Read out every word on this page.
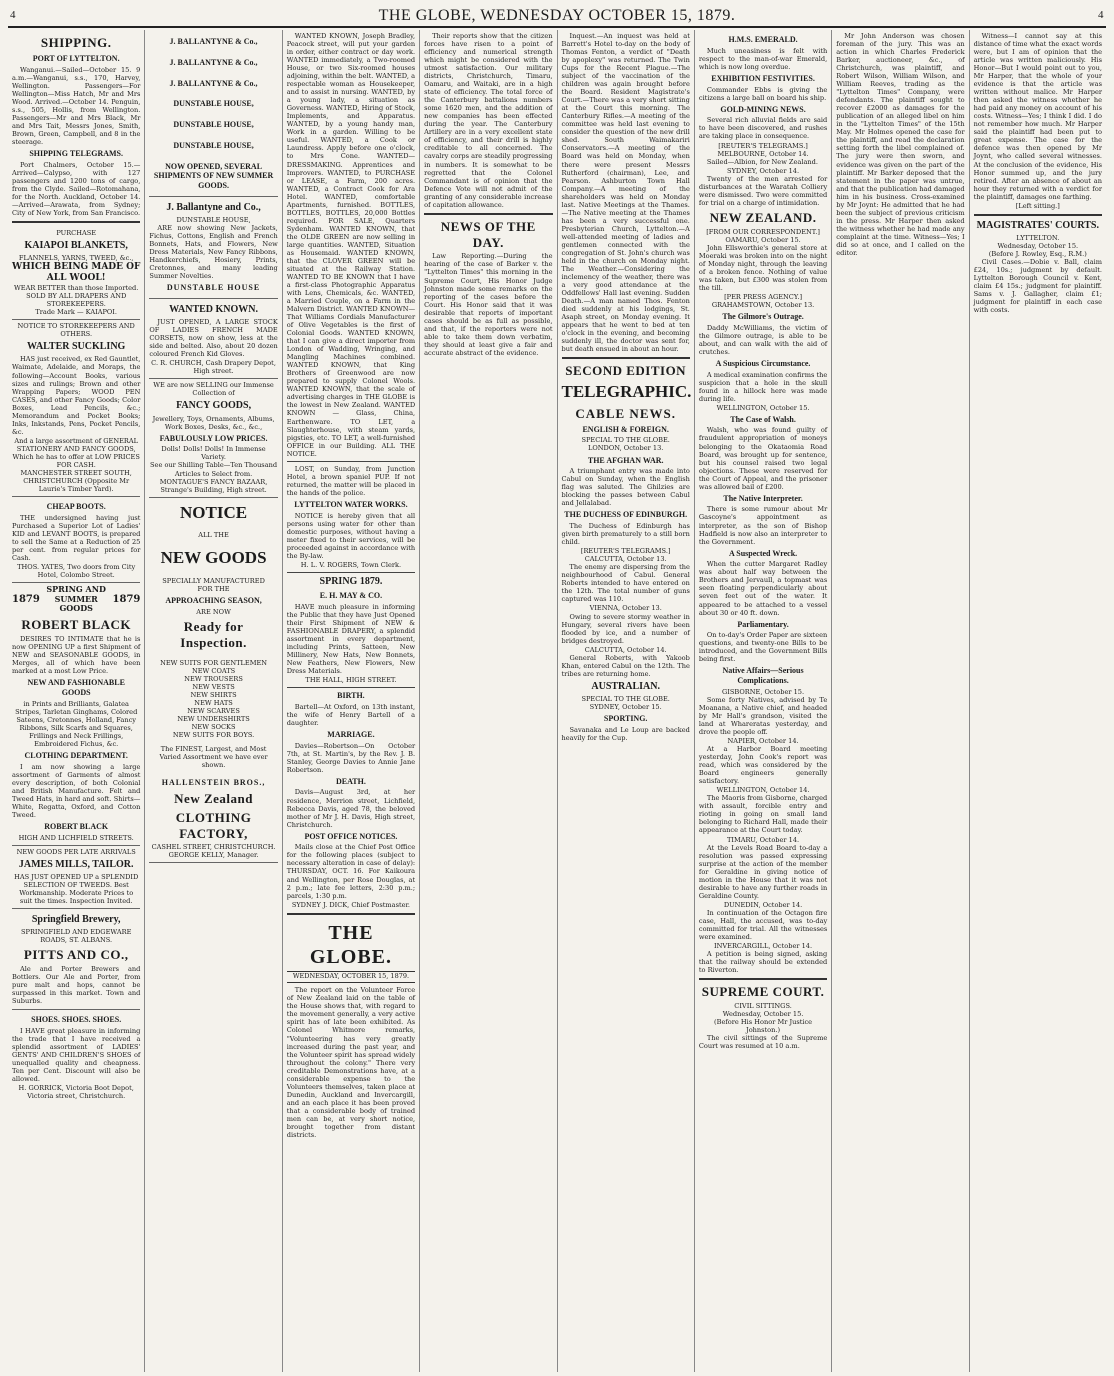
4	THE GLOBE, WEDNESDAY OCTOBER 15, 1879.	4
SHIPPING.
PORT OF LYTTELTON.

Wanganui.—Sailed—October 15. 9 a.m.—Wanganui, s.s., 170, Harvey, Wellington. Passengers—For Wellington—Miss Hatch, Mr and Mrs Wood. Arrived.—October 14. Penguin, s.s., 505, Hollis, from Wellington. Passengers—Mr and Mrs Black, Mr and Mrs Tait, Messrs Jones, Smith, Brown, Green, Campbell, and 8 in the steerage.

SHIPPING TELEGRAMS.

Port Chalmers, October 15.—Arrived—Calypso, with 127 passengers and 1200 tons of cargo, from the Clyde. Sailed—Rotomahana, for the North. Auckland, October 14.—Arrived—Arawata, from Sydney; City of New York, from San Francisco.

PURCHASE
KAIAPOI BLANKETS,
FLANNELS, YARNS, TWEED, &c.,
WHICH BEING MADE OF ALL WOOL!
WEAR BETTER than those Imported. SOLD BY ALL DRAPERS AND STOREKEEPERS.
Trade Mark — KAIAPOI.
NOTICE TO STOREKEEPERS AND OTHERS.
WALTER SUCKLING

HAS just received, ex Red Gauntlet, Waimate, Adelaide, and Moraps, the following—Account Books, various sizes and rulings; Brown and other Wrapping Papers; WOOD PEN CASES, and other Fancy Goods; Color Boxes, Lead Pencils, &c.; Memorandum and Pocket Books; Inks, Inkstands, Pens, Pocket Pencils, &c.

And a large assortment of GENERAL STATIONERY AND FANCY GOODS, Which he has to offer at LOW PRICES FOR CASH.
MANCHESTER STREET SOUTH, CHRISTCHURCH (Opposite Mr Laurie's Timber Yard).
CHEAP BOOTS.

THE undersigned having just Purchased a Superior Lot of Ladies' KID and LEVANT BOOTS, is prepared to sell the Same at a Reduction of 25 per cent. from regular prices for Cash.

THOS. YATES, Two doors from City Hotel, Colombo Street.
1879
SPRING AND SUMMER GOODS
1879
ROBERT BLACK

DESIRES TO INTIMATE that he is now OPENING UP a first Shipment of NEW and SEASONABLE GOODS, in Merges, all of which have been marked at a most Low Price.

NEW AND FASHIONABLE GOODS
in Prints and Brilliants, Galatea Stripes, Tarletan Ginghams, Colored Sateens, Cretonnes, Holland, Fancy Ribbons, Silk Scarfs and Squares, Frillings and Neck Frillings, Embroidered Fichus, &c.
CLOTHING DEPARTMENT.

I am now showing a large assortment of Garments of almost every description, of both Colonial and British Manufacture. Felt and Tweed Hats, in hard and soft. Shirts—White, Regatta, Oxford, and Cotton Tweed.

ROBERT BLACK
HIGH AND LICHFIELD STREETS.
NEW GOODS PER LATE ARRIVALS
JAMES MILLS, TAILOR.
HAS JUST OPENED UP a SPLENDID SELECTION OF TWEEDS. Best Workmanship. Moderate Prices to suit the times. Inspection Invited.
Springfield Brewery,
SPRINGFIELD AND EDGEWARE ROADS, ST. ALBANS.
PITTS AND CO.,

Ale and Porter Brewers and Bottlers. Our Ale and Porter, from pure malt and hops, cannot be surpassed in this market. Town and Suburbs.

SHOES. SHOES. SHOES.

I HAVE great pleasure in informing the trade that I have received a splendid assortment of LADIES' GENTS' AND CHILDREN'S SHOES of unequalled quality and cheapness. Ten per Cent. Discount will also be allowed.

H. GORRICK, Victoria Boot Depot, Victoria street, Christchurch.
J. BALLANTYNE & Co.,
J. BALLANTYNE & Co.,
J. BALLANTYNE & Co.,
DUNSTABLE HOUSE,
DUNSTABLE HOUSE,
DUNSTABLE HOUSE,
NOW OPENED, SEVERAL SHIPMENTS OF NEW SUMMER GOODS.
J. Ballantyne and Co.,
DUNSTABLE HOUSE,

ARE now showing New Jackets, Fichus, Cottons, English and French Bonnets, Hats, and Flowers, New Dress Materials, New Fancy Ribbons, Handkerchiefs, Hosiery, Prints, Cretonnes, and many leading Summer Novelties.

DUNSTABLE HOUSE
WANTED KNOWN.

JUST OPENED, A LARGE STOCK OF LADIES FRENCH MADE CORSETS, now on show, less at the side and belted. Also, about 20 dozen coloured French Kid Gloves.

C. R. CHURCH, Cash Drapery Depot, High street.
WE are now SELLING our Immense Collection of
FANCY GOODS,
Jewellery, Toys, Ornaments, Albums, Work Boxes, Desks, &c., &c.,
FABULOUSLY LOW PRICES.
Dolls! Dolls! Dolls! In Immense Variety.
See our Shilling Table—Ten Thousand Articles to Select from.
MONTAGUE'S FANCY BAZAAR, Strange's Building, High street.
NOTICE
ALL THE
NEW GOODS
SPECIALLY MANUFACTURED
FOR THE
APPROACHING SEASON,
ARE NOW
Ready for Inspection.
NEW SUITS FOR GENTLEMEN
NEW COATS
NEW TROUSERS
NEW VESTS
NEW SHIRTS
NEW HATS
NEW SCARVES
NEW UNDERSHIRTS
NEW SOCKS
NEW SUITS FOR BOYS.
The FINEST, Largest, and Most Varied Assortment we have ever shown.
HALLENSTEIN BROS.,
New Zealand
CLOTHING FACTORY,
CASHEL STREET, CHRISTCHURCH.
GEORGE KELLY, Manager.

WANTED KNOWN, Joseph Bradley, Peacock street, will put your garden in order, either contract or day work. WANTED immediately, a Two-roomed House, or two Six-roomed houses adjoining, within the belt. WANTED, a respectable woman as Housekeeper, and to assist in nursing. WANTED, by a young lady, a situation as Governess. WANTED, Hiring of Stock, Implements, and Apparatus. WANTED, by a young handy man, Work in a garden. Willing to be useful. WANTED, a Cook or Laundress. Apply before one o'clock, to Mrs Cone. WANTED—DRESSMAKING. Apprentices and Improvers. WANTED, to PURCHASE or LEASE, a Farm, 200 acres. WANTED, a Contract Cook for Ara Hotel. WANTED, comfortable Apartments, furnished. BOTTLES, BOTTLES, BOTTLES, 20,000 Bottles required. FOR SALE, Quarters Sydenham. WANTED KNOWN, that the OLDE GREEN are now selling in large quantities. WANTED, Situation as Housemaid. WANTED KNOWN, that the CLOVER GREEN will be situated at the Railway Station. WANTED TO BE KNOWN that I have a first-class Photographic Apparatus with Lens, Chemicals, &c. WANTED, a Married Couple, on a Farm in the Malvern District. WANTED KNOWN—That Williams Cordials Manufacturer of Olive Vegetables is the first of Colonial Goods. WANTED KNOWN, that I can give a direct importer from London of Wadding, Wringing, and Mangling Machines combined. WANTED KNOWN, that King Brothers of Greenwood are now prepared to supply Colonel Wools. WANTED KNOWN, that the scale of advertising charges in THE GLOBE is the lowest in New Zealand. WANTED KNOWN — Glass, China, Earthenware. TO LET, a Slaughterhouse, with steam yards, pigsties, etc. TO LET, a well-furnished OFFICE in our Building. ALL THE NOTICE.

LOST, on Sunday, from Junction Hotel, a brown spaniel PUP. If not returned, the matter will be placed in the hands of the police.

LYTTELTON WATER WORKS.

NOTICE is hereby given that all persons using water for other than domestic purposes, without having a meter fixed to their services, will be proceeded against in accordance with the By-law.

H. L. V. ROGERS, Town Clerk.
SPRING 1879.
E. H. MAY & CO.

HAVE much pleasure in informing the Public that they have Just Opened their First Shipment of NEW & FASHIONABLE DRAPERY, a splendid assortment in every department, including Prints, Satteen, New Millinery, New Hats, New Bonnets, New Feathers, New Flowers, New Dress Materials.

THE HALL, HIGH STREET.
BIRTH.

Bartell—At Oxford, on 13th instant, the wife of Henry Bartell of a daughter.

MARRIAGE.

Davies—Robertson—On October 7th, at St. Martin's, by the Rev. J. B. Stanley, George Davies to Annie Jane Robertson.

DEATH.

Davis—August 3rd, at her residence, Merrion street, Lichfield, Rebecca Davis, aged 78, the beloved mother of Mr J. H. Davis, High street, Christchurch.

POST OFFICE NOTICES.

Mails close at the Chief Post Office for the following places (subject to necessary alteration in case of delay): THURSDAY, OCT. 16. For Kaikoura and Wellington, per Rose Douglas, at 2 p.m.; late fee letters, 2:30 p.m.; parcels, 1:30 p.m.

SYDNEY J. DICK, Chief Postmaster.
THE GLOBE.
WEDNESDAY, OCTOBER 15, 1879.

The report on the Volunteer Force of New Zealand laid on the table of the House shows that, with regard to the movement generally, a very active spirit has of late been exhibited. As Colonel Whitmore remarks, "Volunteering has very greatly increased during the past year, and the Volunteer spirit has spread widely throughout the colony." There very creditable Demonstrations have, at a considerable expense to the Volunteers themselves, taken place at Dunedin, Auckland and Invercargill, and an each place it has been proved that a considerable body of trained men can be, at very short notice, brought together from distant districts.

Their reports show that the citizen forces have risen to a point of efficiency and numerical strength which might be considered with the utmost satisfaction. Our military districts, Christchurch, Timaru, Oamaru, and Waitaki, are in a high state of efficiency. The total force of the Canterbury battalions numbers some 1620 men, and the addition of new companies has been effected during the year. The Canterbury Artillery are in a very excellent state of efficiency, and their drill is highly creditable to all concerned. The cavalry corps are steadily progressing in numbers. It is somewhat to be regretted that the Colonel Commandant is of opinion that the Defence Vote will not admit of the granting of any considerable increase of capitation allowance.

NEWS OF THE DAY.

Law Reporting.—During the hearing of the case of Barker v. the "Lyttelton Times" this morning in the Supreme Court, His Honor Judge Johnston made some remarks on the reporting of the cases before the Court. His Honor said that it was desirable that reports of important cases should be as full as possible, and that, if the reporters were not able to take them down verbatim, they should at least give a fair and accurate abstract of the evidence.

Inquest.—An inquest was held at Barrett's Hotel to-day on the body of Thomas Fenton, a verdict of "Death by apoplexy" was returned. The Twin Cups for the Recent Plague.—The subject of the vaccination of the children was again brought before the Board. Resident Magistrate's Court.—There was a very short sitting at the Court this morning. The Canterbury Rifles.—A meeting of the committee was held last evening to consider the question of the new drill shed. South Waimakariri Conservators.—A meeting of the Board was held on Monday, when there were present Messrs Rutherford (chairman), Lee, and Pearson. Ashburton Town Hall Company.—A meeting of the shareholders was held on Monday last. Native Meetings at the Thames.—The Native meeting at the Thames has been a very successful one. Presbyterian Church, Lyttelton.—A well-attended meeting of ladies and gentlemen connected with the congregation of St. John's church was held in the church on Monday night. The Weather.—Considering the inclemency of the weather, there was a very good attendance at the Oddfellows' Hall last evening. Sudden Death.—A man named Thos. Fenton died suddenly at his lodgings, St. Asaph street, on Monday evening. It appears that he went to bed at ten o'clock in the evening, and becoming suddenly ill, the doctor was sent for, but death ensued in about an hour.

SECOND EDITION
TELEGRAPHIC.
CABLE NEWS.
ENGLISH & FOREIGN.
SPECIAL TO THE GLOBE.
LONDON, October 13.
THE AFGHAN WAR.

A triumphant entry was made into Cabul on Sunday, when the English flag was saluted. The Ghilzies are blocking the passes between Cabul and Jellalabad.

THE DUCHESS OF EDINBURGH.

The Duchess of Edinburgh has given birth prematurely to a still born child.

[REUTER'S TELEGRAMS.]
CALCUTTA, October 13.

The enemy are dispersing from the neighbourhood of Cabul. General Roberts intended to have entered on the 12th. The total number of guns captured was 110.

VIENNA, October 13.

Owing to severe stormy weather in Hungary, several rivers have been flooded by ice, and a number of bridges destroyed.

CALCUTTA, October 14.

General Roberts, with Yakoob Khan, entered Cabul on the 12th. The tribes are returning home.

AUSTRALIAN.
SPECIAL TO THE GLOBE.
SYDNEY, October 15.
SPORTING.

Savanaka and Le Loup are backed heavily for the Cup.

H.M.S. EMERALD.

Much uneasiness is felt with respect to the man-of-war Emerald, which is now long overdue.

EXHIBITION FESTIVITIES.

Commander Ebbs is giving the citizens a large ball on board his ship.

GOLD-MINING NEWS.

Several rich alluvial fields are said to have been discovered, and rushes are taking place in consequence.

[REUTER'S TELEGRAMS.]
MELBOURNE, October 14.

Sailed—Albion, for New Zealand.

SYDNEY, October 14.

Twenty of the men arrested for disturbances at the Waratah Colliery were dismissed. Two were committed for trial on a charge of intimidation.

NEW ZEALAND.
[FROM OUR CORRESPONDENT.]
OAMARU, October 15.

John Ellsworthie's general store at Moeraki was broken into on the night of Monday night, through the leaving of a broken fence. Nothing of value was taken, but £300 was stolen from the till.

[PER PRESS AGENCY.]
GRAHAMSTOWN, October 13.
The Gilmore's Outrage.

Daddy McWilliams, the victim of the Gilmore outrage, is able to be about, and can walk with the aid of crutches.

A Suspicious Circumstance.

A medical examination confirms the suspicion that a hole in the skull found in a hillock here was made during life.

WELLINGTON, October 15.
The Case of Walsh.

Walsh, who was found guilty of fraudulent appropriation of moneys belonging to the Okataomia Road Board, was brought up for sentence, but his counsel raised two legal objections. These were reserved for the Court of Appeal, and the prisoner was allowed bail of £200.

The Native Interpreter.

There is some rumour about Mr Gascoyne's appointment as interpreter, as the son of Bishop Hadfield is now also an interpreter to the Government.

A Suspected Wreck.

When the cutter Margaret Radley was about half way between the Brothers and Jervaull, a topmast was seen floating perpendicularly about seven feet out of the water. It appeared to be attached to a vessel about 30 or 40 ft. down.

Parliamentary.

On to-day's Order Paper are sixteen questions, and twenty-one Bills to be introduced, and the Government Bills being first.

Native Affairs—Serious Complications.
GISBORNE, October 15.

Some forty Natives, advised by Te Moanana, a Native chief, and headed by Mr Hall's grandson, visited the land at Whareratas yesterday, and drove the people off.

NAPIER, October 14.

At a Harbor Board meeting yesterday, John Cook's report was read, which was considered by the Board engineers generally satisfactory.

WELLINGTON, October 14.

The Maoris from Gisborne, charged with assault, forcible entry and rioting in going on small land belonging to Richard Hall, made their appearance at the Court today.

TIMARU, October 14.

At the Levels Road Board to-day a resolution was passed expressing surprise at the action of the member for Geraldine in giving notice of motion in the House that it was not desirable to have any further roads in Geraldine County.

DUNEDIN, October 14.

In continuation of the Octagon fire case, Hall, the accused, was to-day committed for trial. All the witnesses were examined.

INVERCARGILL, October 14.

A petition is being signed, asking that the railway should be extended to Riverton.

SUPREME COURT.
CIVIL SITTINGS.
Wednesday, October 15.
(Before His Honor Mr Justice Johnston.)

The civil sittings of the Supreme Court was resumed at 10 a.m.

Mr John Anderson was chosen foreman of the jury. This was an action in which Charles Frederick Barker, auctioneer, &c., of Christchurch, was plaintiff, and Robert Wilson, William Wilson, and William Reeves, trading as the "Lyttelton Times" Company, were defendants. The plaintiff sought to recover £2000 as damages for the publication of an alleged libel on him in the "Lyttelton Times" of the 15th May. Mr Holmes opened the case for the plaintiff, and read the declaration setting forth the libel complained of. The jury were then sworn, and evidence was given on the part of the plaintiff. Mr Barker deposed that the statement in the paper was untrue, and that the publication had damaged him in his business. Cross-examined by Mr Joynt: He admitted that he had been the subject of previous criticism in the press. Mr Harper then asked the witness whether he had made any complaint at the time. Witness—Yes; I did so at once, and I called on the editor.

Witness—I cannot say at this distance of time what the exact words were, but I am of opinion that the article was written maliciously. His Honor—But I would point out to you, Mr Harper, that the whole of your evidence is that the article was written without malice. Mr Harper then asked the witness whether he had paid any money on account of his costs. Witness—Yes; I think I did. I do not remember how much. Mr Harper said the plaintiff had been put to great expense. The case for the defence was then opened by Mr Joynt, who called several witnesses. At the conclusion of the evidence, His Honor summed up, and the jury retired. After an absence of about an hour they returned with a verdict for the plaintiff, damages one farthing.

[Left sitting.]
MAGISTRATES' COURTS.
LYTTELTON.
Wednesday, October 15.
(Before J. Rowley, Esq., R.M.)

Civil Cases.—Dobie v. Ball, claim £24, 10s.; judgment by default. Lyttelton Borough Council v. Kent, claim £4 15s.; judgment for plaintiff. Sams v. J. Gallagher, claim £1; judgment for plaintiff in each case with costs.
